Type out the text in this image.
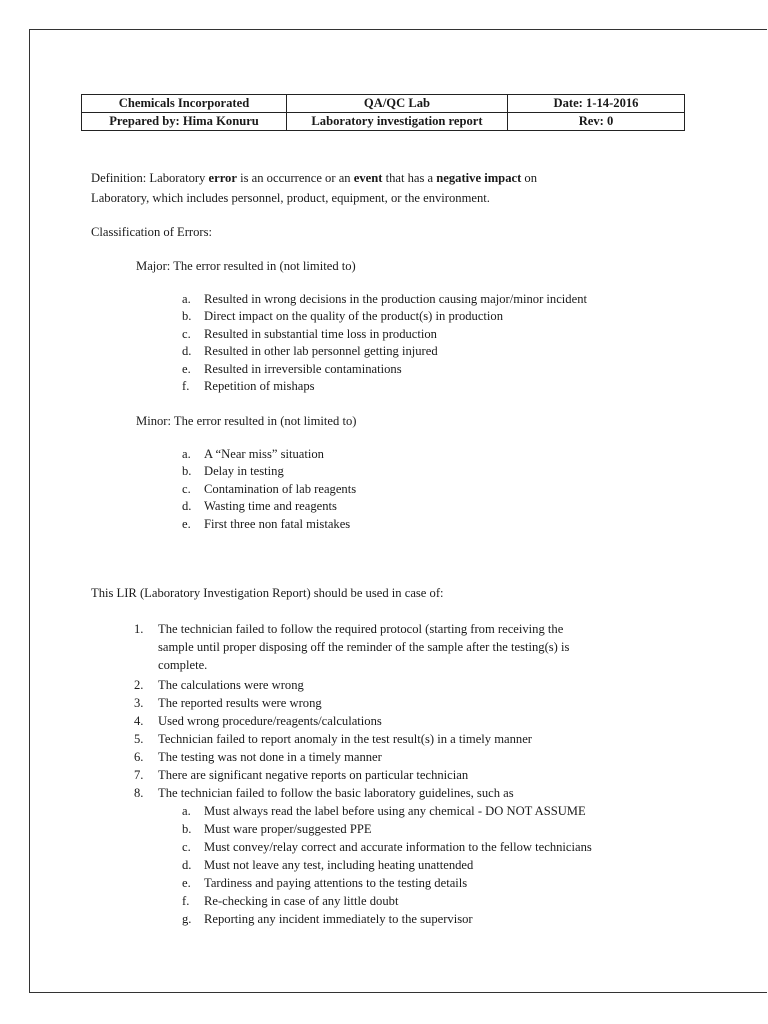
Chemicals Incorporated	QA/QC Lab	Date: 1-14-2016
Prepared by: Hima Konuru	Laboratory investigation report	Rev: 0
Definition: Laboratory error is an occurrence or an event that has a negative impact on
Laboratory, which includes personnel, product, equipment, or the environment.
Classification of Errors:
Major: The error resulted in (not limited to)
a. Resulted in wrong decisions in the production causing major/minor incident
b. Direct impact on the quality of the product(s) in production
c. Resulted in substantial time loss in production
d. Resulted in other lab personnel getting injured
e. Resulted in irreversible contaminations
f. Repetition of mishaps
Minor: The error resulted in (not limited to)
a. A “Near miss” situation
b. Delay in testing
c. Contamination of lab reagents
d. Wasting time and reagents
e. First three non fatal mistakes
This LIR (Laboratory Investigation Report) should be used in case of:
1. The technician failed to follow the required protocol (starting from receiving the
sample until proper disposing off the reminder of the sample after the testing(s) is
complete.
2. The calculations were wrong
3. The reported results were wrong
4. Used wrong procedure/reagents/calculations
5. Technician failed to report anomaly in the test result(s) in a timely manner
6. The testing was not done in a timely manner
7. There are significant negative reports on particular technician
8. The technician failed to follow the basic laboratory guidelines, such as
a. Must always read the label before using any chemical - DO NOT ASSUME
b. Must ware proper/suggested PPE
c. Must convey/relay correct and accurate information to the fellow technicians
d. Must not leave any test, including heating unattended
e. Tardiness and paying attentions to the testing details
f. Re-checking in case of any little doubt
g. Reporting any incident immediately to the supervisor
